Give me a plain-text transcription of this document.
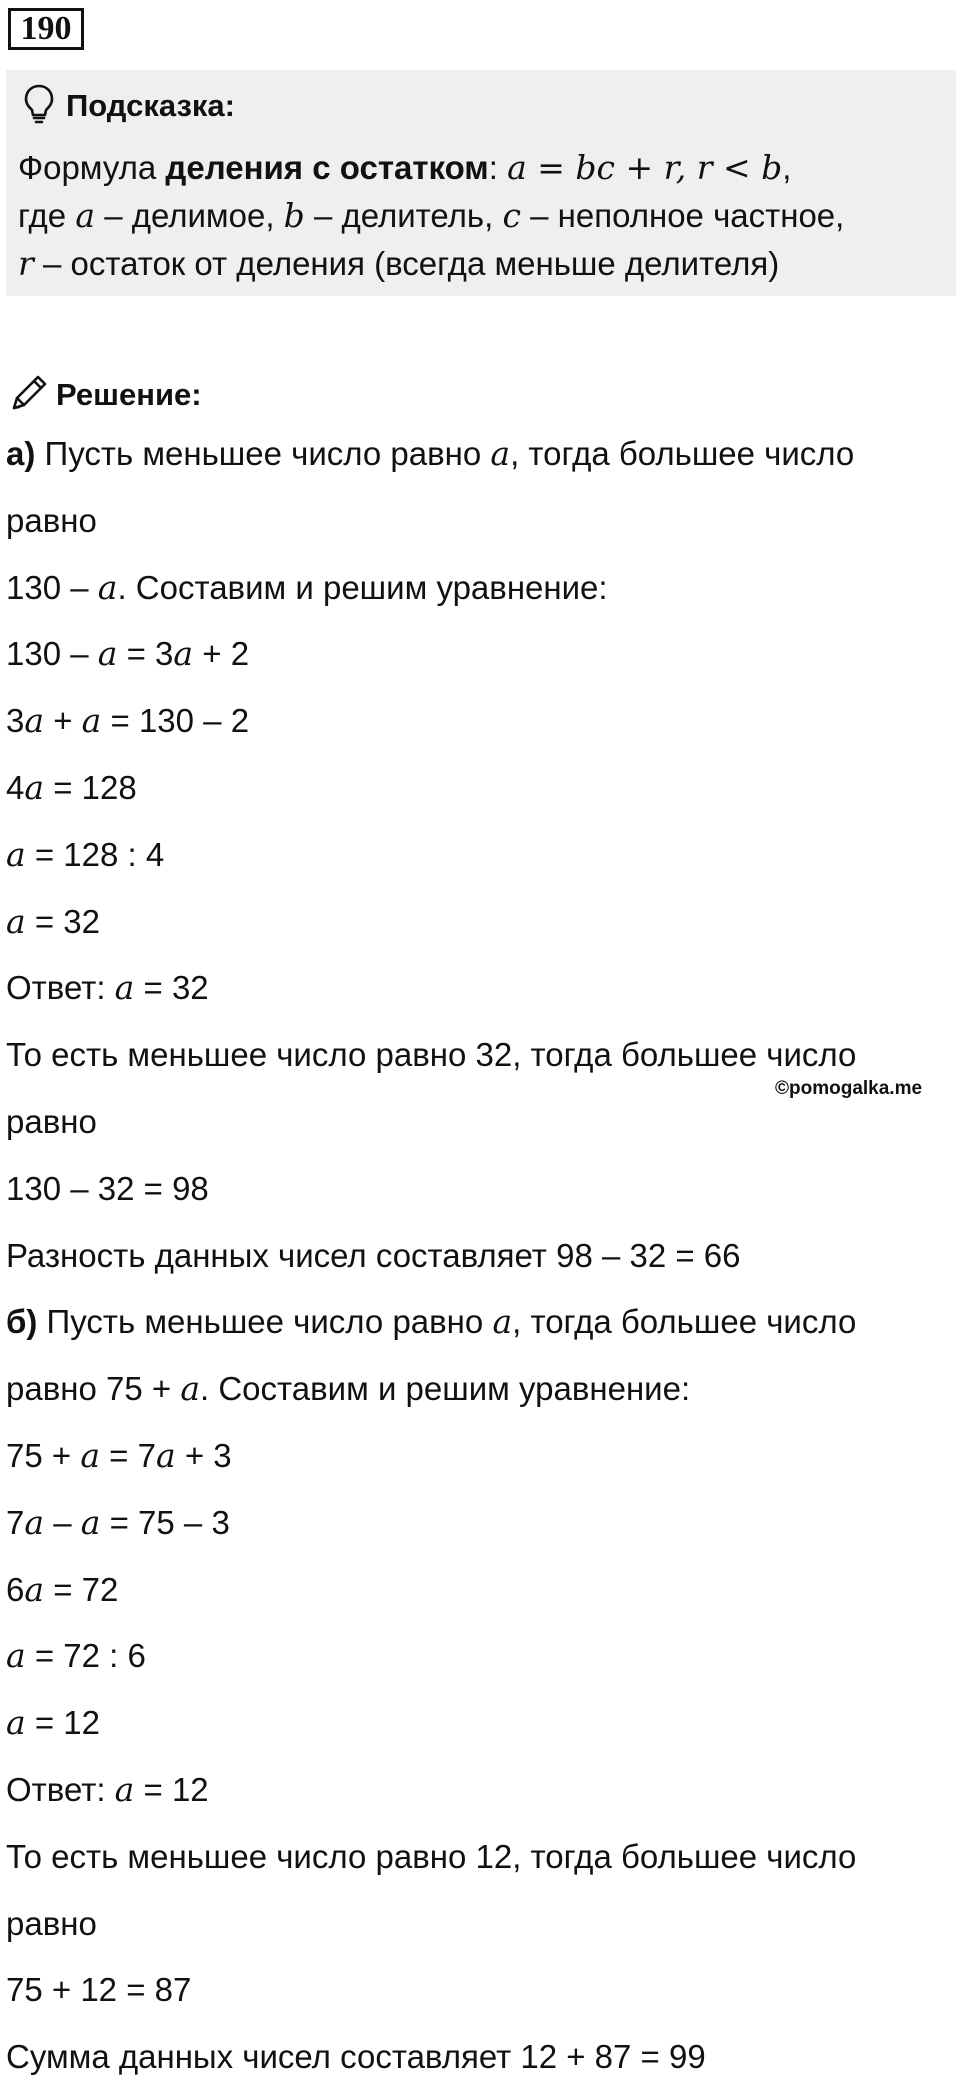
190
Подсказка:
Формула деления с остатком: a = bc + r, r < b,
где a – делимое, b – делитель, c – неполное частное,
r – остаток от деления (всегда меньше делителя)
Решение:
а) Пусть меньшее число равно a, тогда большее число
равно
130 – a. Составим и решим уравнение:
130 – a = 3a + 2
3a + a = 130 – 2
4a = 128
a = 128 : 4
a = 32
Ответ: a = 32
То есть меньшее число равно 32, тогда большее число
равно
130 – 32 = 98
Разность данных чисел составляет 98 – 32 = 66
б) Пусть меньшее число равно a, тогда большее число
равно 75 + a. Составим и решим уравнение:
75 + a = 7a + 3
7a – a = 75 – 3
6a = 72
a = 72 : 6
a = 12
Ответ: a = 12
То есть меньшее число равно 12, тогда большее число
равно
75 + 12 = 87
Сумма данных чисел составляет 12 + 87 = 99
©pomogalka.me
